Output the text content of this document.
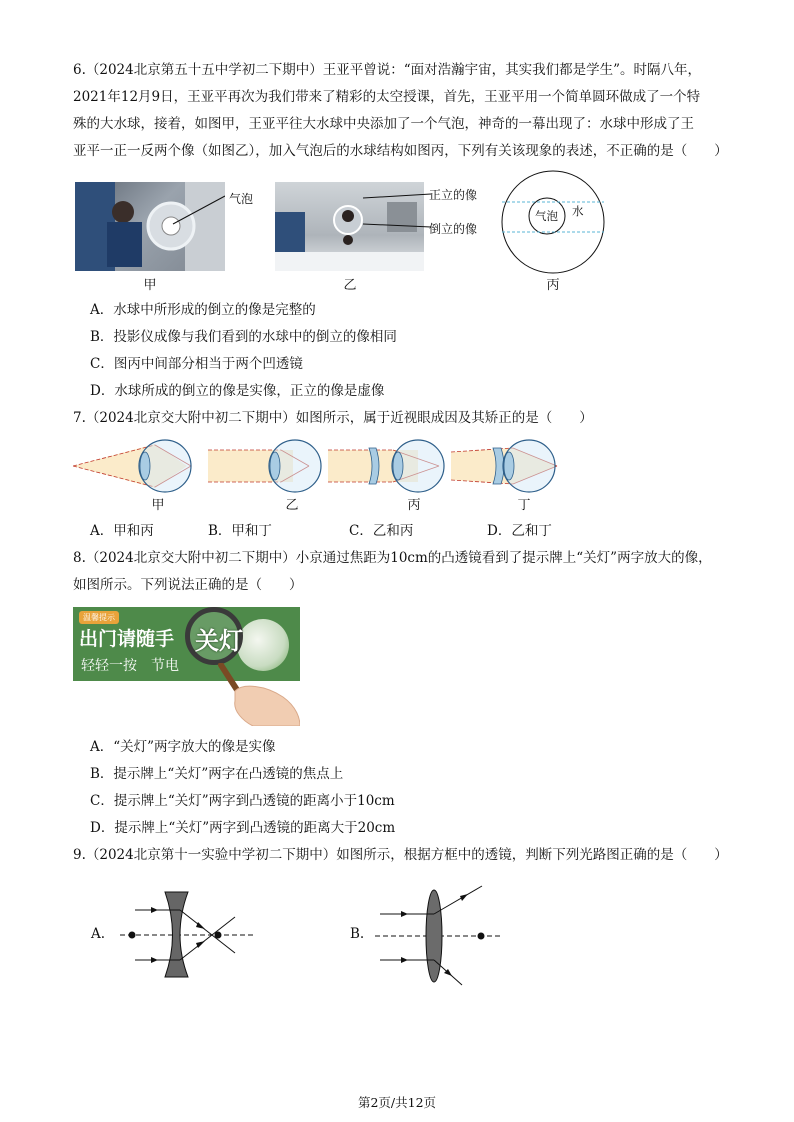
6.（2024北京第五十五中学初二下期中）王亚平曾说：“面对浩瀚宇宙，其实我们都是学生”。时隔八年，
2021年12月9日，王亚平再次为我们带来了精彩的太空授课，首先，王亚平用一个简单圆环做成了一个特
殊的大水球，接着，如图甲，王亚平往大水球中央添加了一个气泡，神奇的一幕出现了：水球中形成了王
亚平一正一反两个像（如图乙），加入气泡后的水球结构如图丙，下列有关该现象的表述，不正确的是（　　）
气泡
甲
正立的像
倒立的像
乙
气泡 水
丙
A．水球中所形成的倒立的像是完整的
B．投影仪成像与我们看到的水球中的倒立的像相同
C．图丙中间部分相当于两个凹透镜
D．水球所成的倒立的像是实像，正立的像是虚像
7.（2024北京交大附中初二下期中）如图所示，属于近视眼成因及其矫正的是（　　）
甲	乙	丙	丁
A．甲和丙	B．甲和丁	C．乙和丙	D．乙和丁
8.（2024北京交大附中初二下期中）小京通过焦距为10cm的凸透镜看到了提示牌上“关灯”两字放大的像，
如图所示。下列说法正确的是（　　）
温馨提示
出门请随手
轻轻一按　节电
关灯
A．“关灯”两字放大的像是实像
B．提示牌上“关灯”两字在凸透镜的焦点上
C．提示牌上“关灯”两字到凸透镜的距离小于10cm
D．提示牌上“关灯”两字到凸透镜的距离大于20cm
9.（2024北京第十一实验中学初二下期中）如图所示，根据方框中的透镜，判断下列光路图正确的是（　　）
A.	B.
第2页/共12页
